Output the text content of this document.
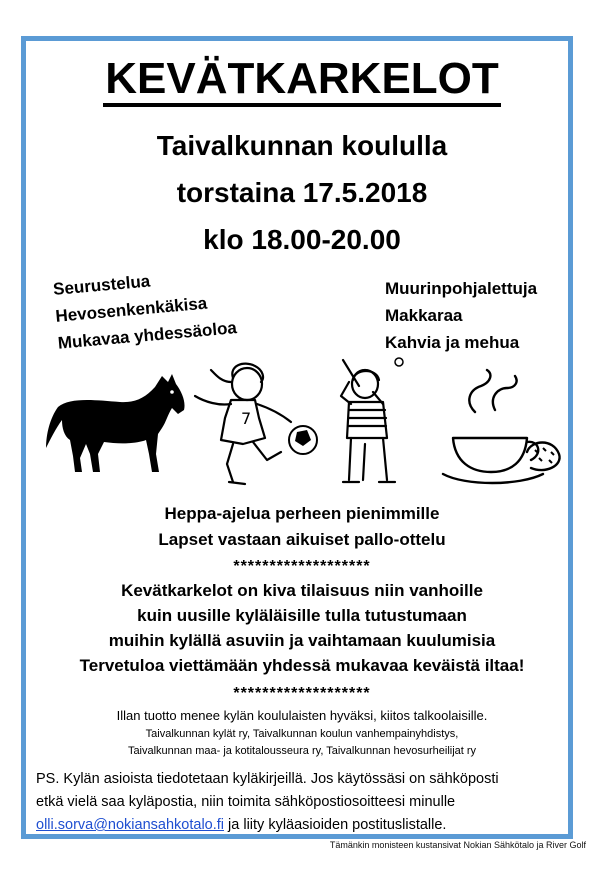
KEVÄTKARKELOT
Taivalkunnan koululla
torstaina 17.5.2018
klo 18.00-20.00
Seurustelua
Hevosenkenkäkisa
Mukavaa yhdessäoloa
Muurinpohjalettuja
Makkaraa
Kahvia ja mehua
7
Heppa-ajelua perheen pienimmille
Lapset vastaan aikuiset pallo-ottelu
*******************
Kevätkarkelot on kiva tilaisuus niin vanhoille
kuin uusille kyläläisille tulla tutustumaan
muihin kylällä asuviin ja vaihtamaan kuulumisia
Tervetuloa viettämään yhdessä mukavaa keväistä iltaa!
*******************
Illan tuotto menee kylän koululaisten hyväksi, kiitos talkoolaisille.
Taivalkunnan kylät ry, Taivalkunnan koulun vanhempainyhdistys,
Taivalkunnan maa- ja kotitalousseura ry, Taivalkunnan hevosurheilijat ry
PS. Kylän asioista tiedotetaan kyläkirjeillä. Jos käytössäsi on sähköposti
etkä vielä saa kyläpostia, niin toimita sähköpostiosoitteesi minulle
olli.sorva@nokiansahkotalo.fi ja liity kyläasioiden postituslistalle.
Tämänkin monisteen kustansivat Nokian Sähkötalo ja River Golf
